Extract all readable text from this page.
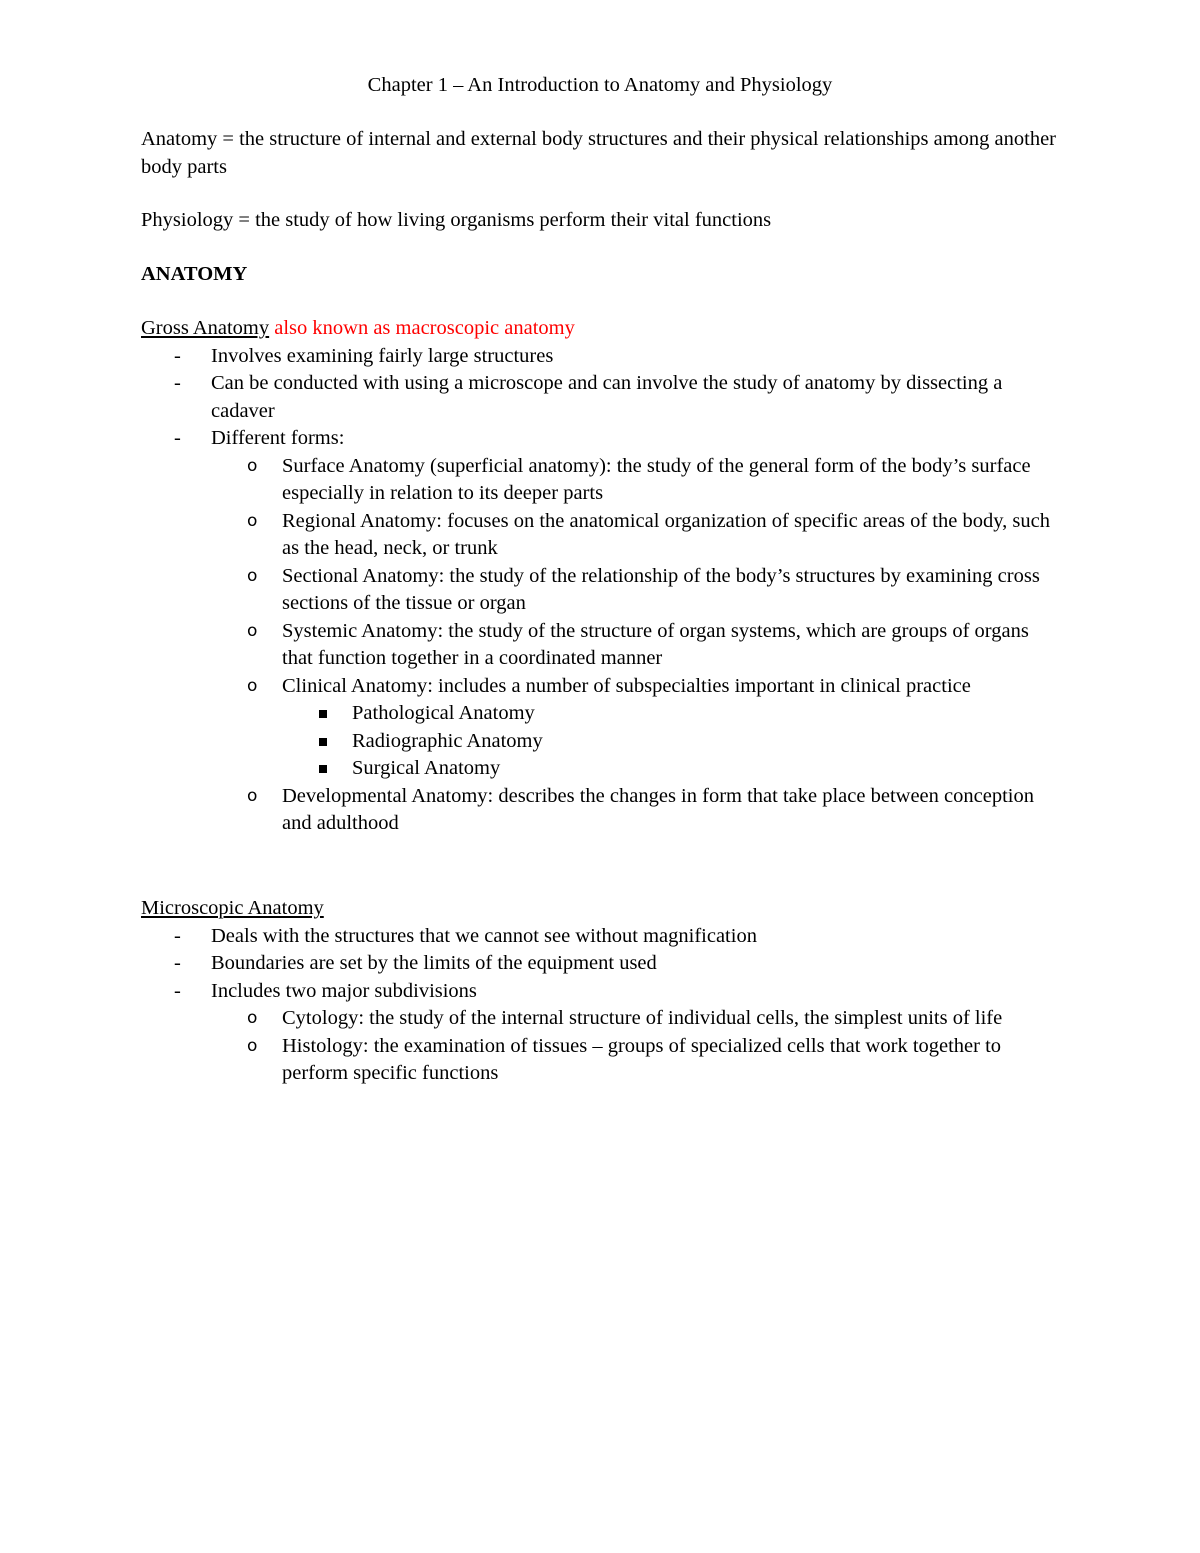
Chapter 1 – An Introduction to Anatomy and Physiology
Anatomy = the structure of internal and external body structures and their physical relationships among another body parts
Physiology = the study of how living organisms perform their vital functions
ANATOMY
Gross Anatomy also known as macroscopic anatomy
- Involves examining fairly large structures
- Can be conducted with using a microscope and can involve the study of anatomy by dissecting a cadaver
- Different forms:
o Surface Anatomy (superficial anatomy): the study of the general form of the body’s surface especially in relation to its deeper parts
o Regional Anatomy: focuses on the anatomical organization of specific areas of the body, such as the head, neck, or trunk
o Sectional Anatomy: the study of the relationship of the body’s structures by examining cross sections of the tissue or organ
o Systemic Anatomy: the study of the structure of organ systems, which are groups of organs that function together in a coordinated manner
o Clinical Anatomy: includes a number of subspecialties important in clinical practice
Pathological Anatomy
Radiographic Anatomy
Surgical Anatomy
o Developmental Anatomy: describes the changes in form that take place between conception and adulthood
Microscopic Anatomy
- Deals with the structures that we cannot see without magnification
- Boundaries are set by the limits of the equipment used
- Includes two major subdivisions
o Cytology: the study of the internal structure of individual cells, the simplest units of life
o Histology: the examination of tissues – groups of specialized cells that work together to perform specific functions
